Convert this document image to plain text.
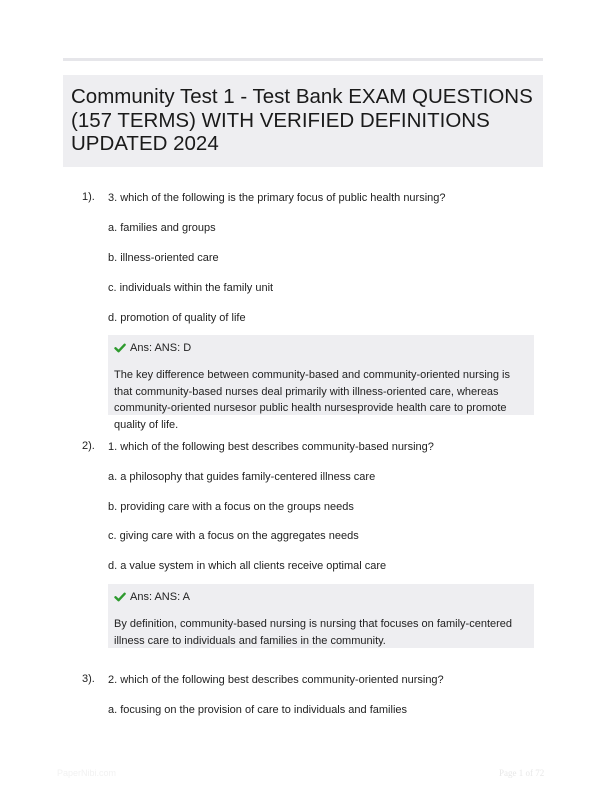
Community Test 1 - Test Bank EXAM QUESTIONS (157 TERMS) WITH VERIFIED DEFINITIONS UPDATED 2024
1). 3. which of the following is the primary focus of public health nursing?
a. families and groups
b. illness-oriented care
c. individuals within the family unit
d. promotion of quality of life
Ans: ANS: D
The key difference between community-based and community-oriented nursing is that community-based nurses deal primarily with illness-oriented care, whereas community-oriented nursesor public health nursesprovide health care to promote quality of life.
2). 1. which of the following best describes community-based nursing?
a. a philosophy that guides family-centered illness care
b. providing care with a focus on the groups needs
c. giving care with a focus on the aggregates needs
d. a value system in which all clients receive optimal care
Ans: ANS: A
By definition, community-based nursing is nursing that focuses on family-centered illness care to individuals and families in the community.
3). 2. which of the following best describes community-oriented nursing?
a. focusing on the provision of care to individuals and families
PaperNibi.com	Page 1 of 72
